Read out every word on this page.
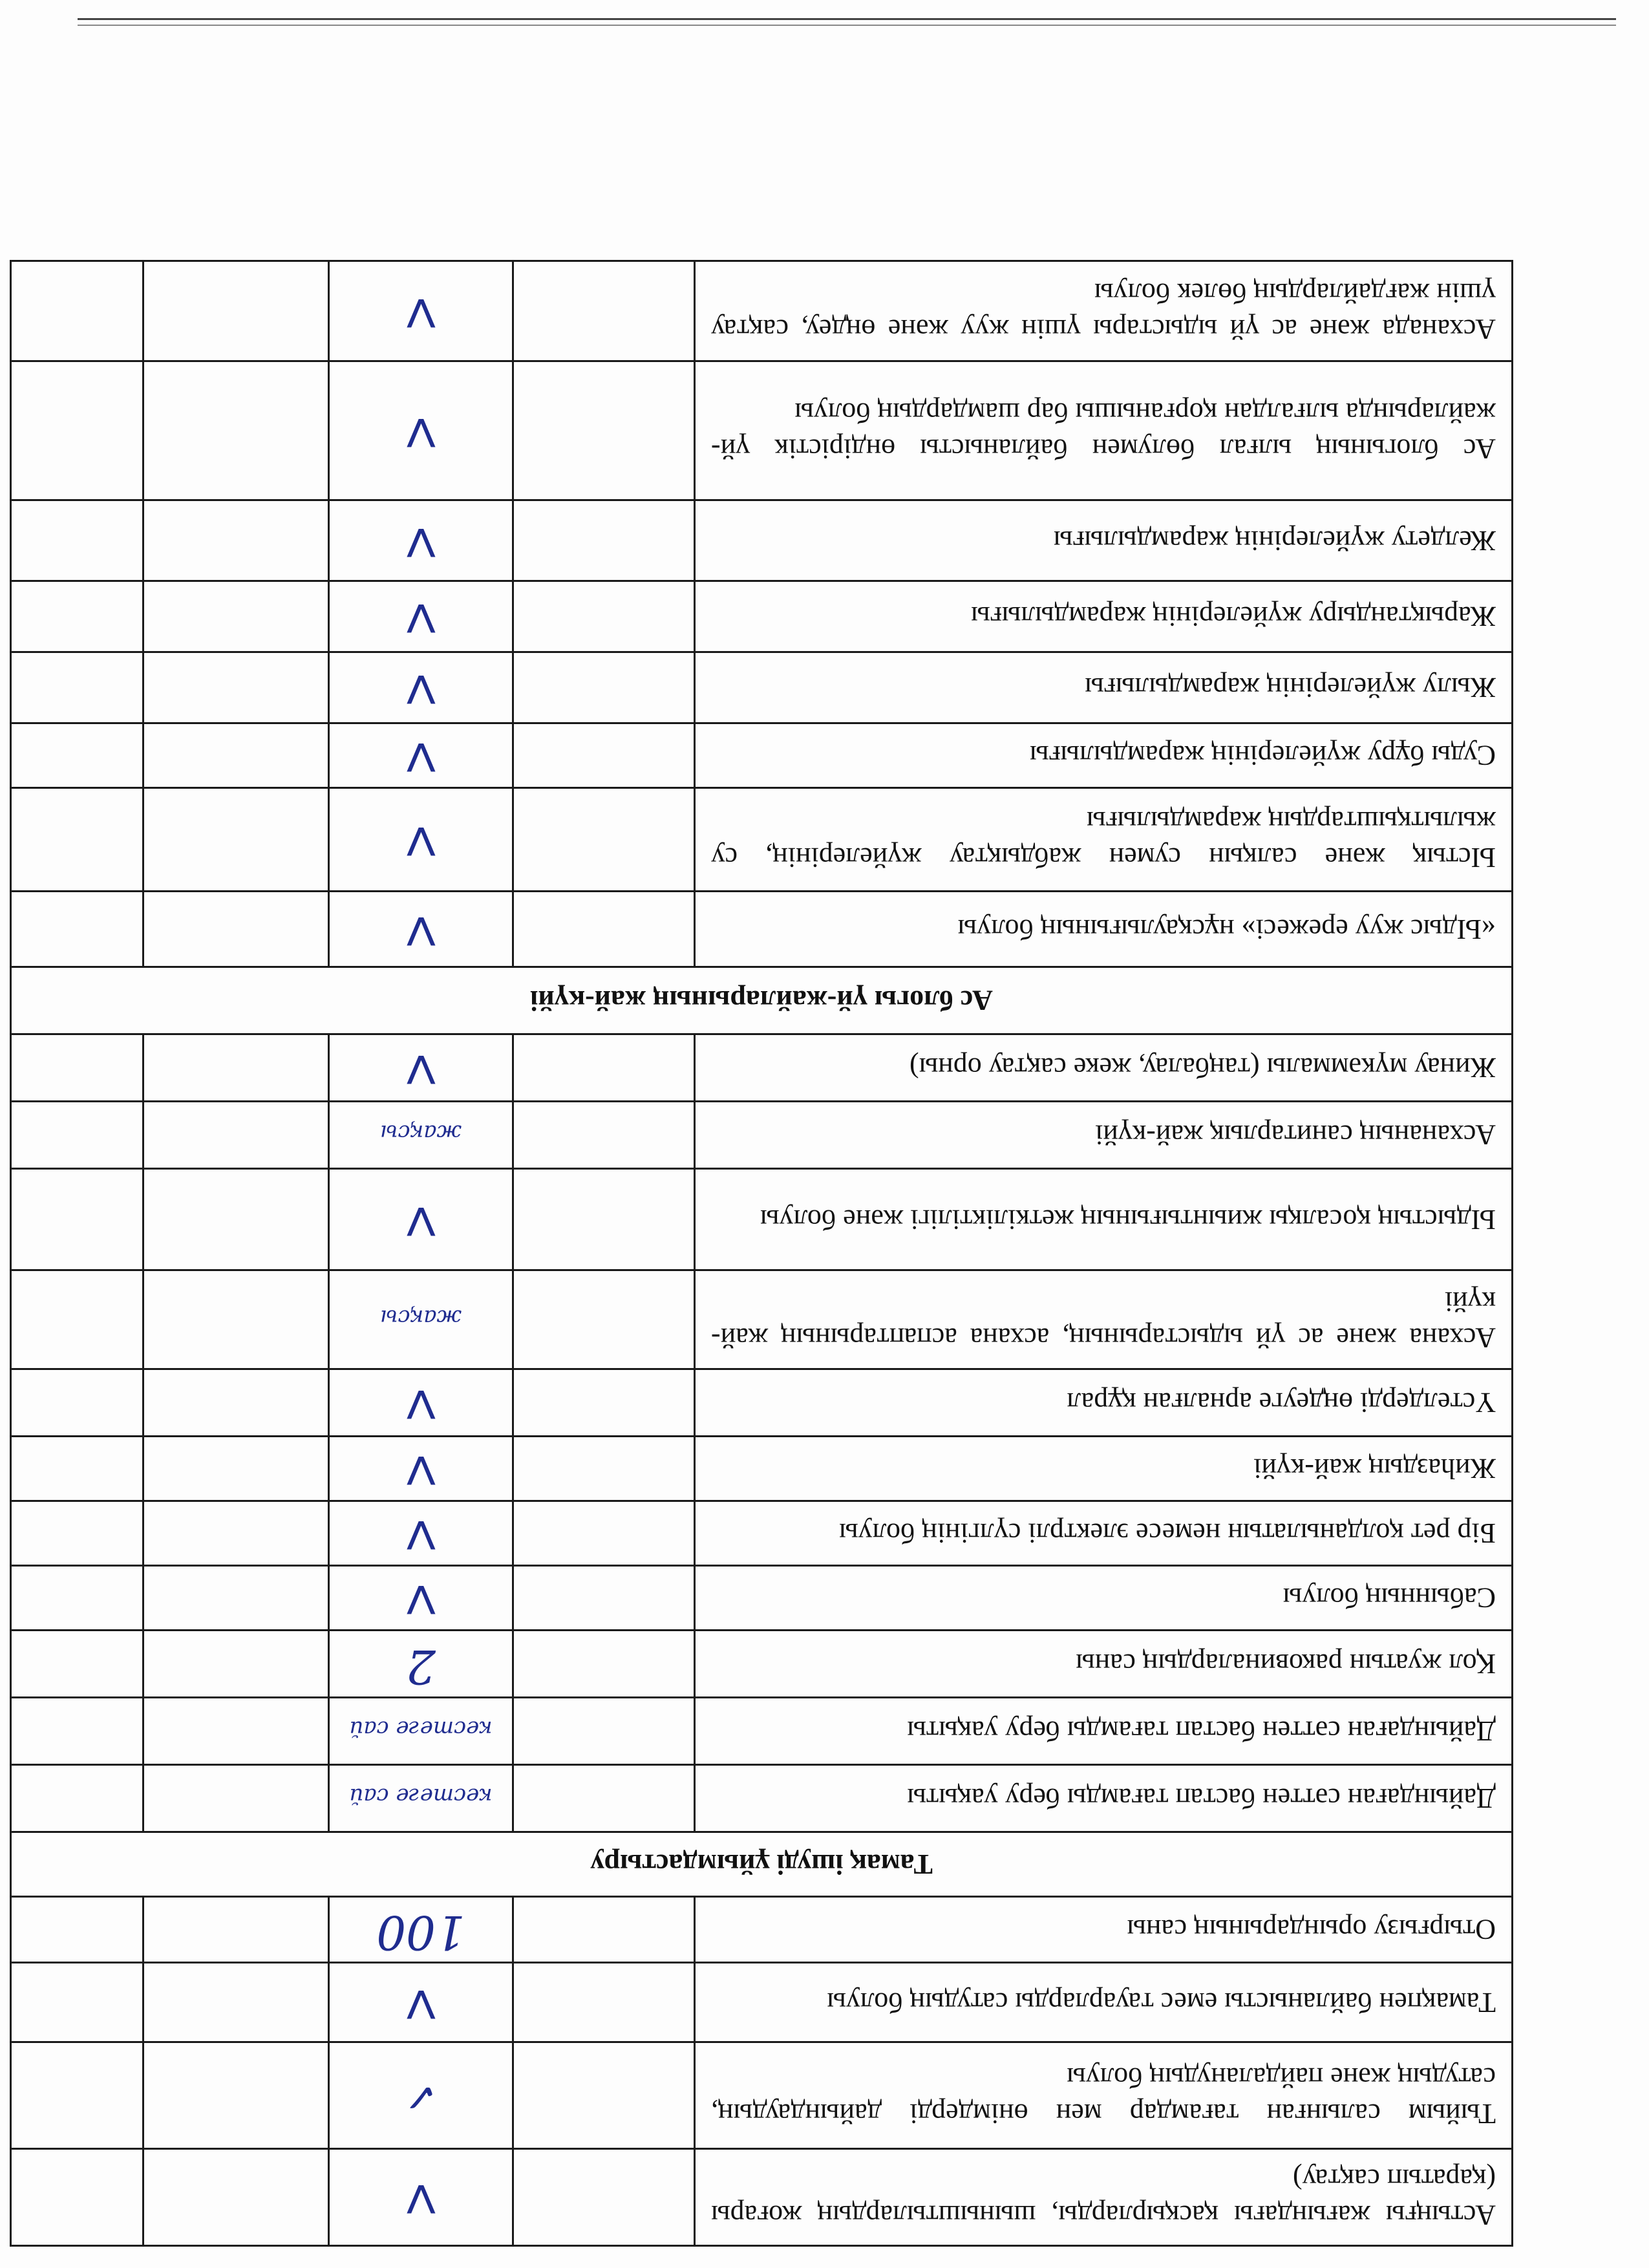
Астыңғы жағындағы қасқырларды, шыныштылардың жоғары (қаратып сақтау)		V		
Тыйым салынған тағамдар мен өнімдерді дайындаудың, сатудың және пайдаланудың болуы		✓		
Тамақпен байланысты емес тауарларды сатудың болуы		V		
Отырғызу орындарының саны		100		
Тамақ ішуді ұйымдастыру				
Дайындаған сәттен бастап тағамды беру уақыты		кестеге сай		
Дайындаған сәттен бастап тағамды беру уақыты		кестеге сай		
Қол жуатын раковиналардың саны		2		
Сабынның болуы		V		
Бір рет қолданылатын немесе электрлі сүлгінің болуы		V		
Жиһаздың жай-күйі		V		
Үстелдерді өңдеуге арналған құрал		V		
Асхана және ас үй ыдыстарының, асхана аспаптарының жай-күйі		жақсы		
Ыдыстың қосалқы жиынтығының жеткіліктілігі және болуы		V		
Асхананың санитарлық жай-күйі		жақсы		
Жинау мүкәммалы (таңбалау, жеке сақтау орны)		V		
Ас блогы үй-жайларының жай-күйі				
«Ыдыс жуу ережесі» нұсқаулығының болуы		V		
Ыстық және салқын сумен жабдықтау жүйелерінің, су жылытқыштардың жарамдылығы		V		
Суды бұру жүйелерінің жарамдылығы		V		
Жылу жүйелерінің жарамдылығы		V		
Жарықтандыру жүйелерінің жарамдылығы		V		
Желдету жүйелерінің жарамдылығы		V		
Ас блогының ылғал бөлумен байланысты өндірістік үй-жайларында ылғалдан қорғанышы бар шамдардың болуы		V		
Асханада және ас үй ыдыстары үшін жуу және өңдеу, сақтау үшін жағдайлардың бөлек болуы		V		
